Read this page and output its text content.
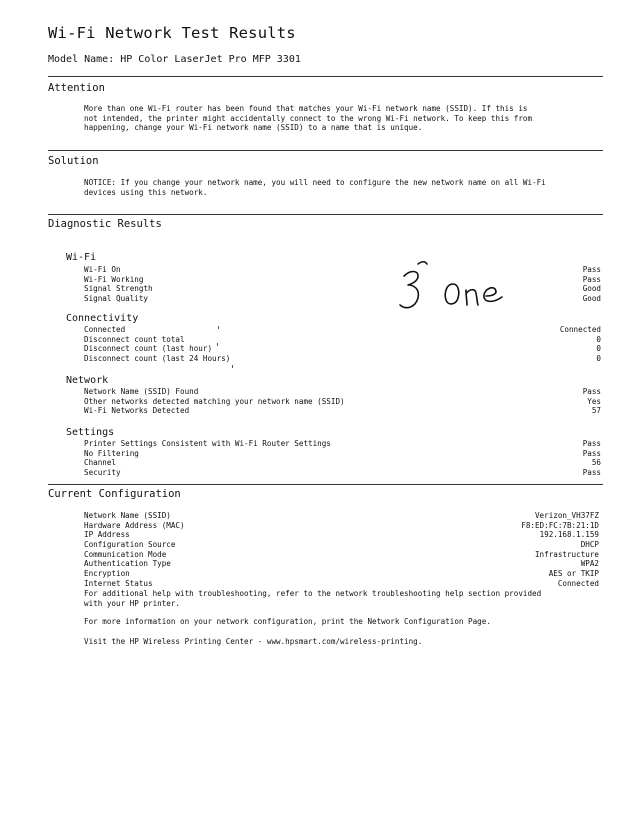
Wi-Fi Network Test Results
Model Name: HP Color LaserJet Pro MFP 3301
Attention
More than one Wi-Fi router has been found that matches your Wi-Fi network name (SSID). If this is not intended, the printer might accidentally connect to the wrong Wi-Fi network. To keep this from happening, change your Wi-Fi network name (SSID) to a name that is unique.
Solution
NOTICE: If you change your network name, you will need to configure the new network name on all Wi-Fi devices using this network.
Diagnostic Results
Wi-Fi
Wi-Fi On	Pass
Wi-Fi Working	Pass
Signal Strength	Good
Signal Quality	Good
Connectivity
Connected	Connected
Disconnect count total	0
Disconnect count (last hour)	0
Disconnect count (last 24 Hours)	0
Network
Network Name (SSID) Found	Pass
Other networks detected matching your network name (SSID)	Yes
Wi-Fi Networks Detected	57
Settings
Printer Settings Consistent with Wi-Fi Router Settings	Pass
No Filtering	Pass
Channel	56
Security	Pass
Current Configuration
Network Name (SSID)	Verizon_VH37FZ
Hardware Address (MAC)	F8:ED:FC:7B:21:1D
IP Address	192.168.1.159
Configuration Source	DHCP
Communication Mode	Infrastructure
Authentication Type	WPA2
Encryption	AES or TKIP
Internet Status	Connected
For additional help with troubleshooting, refer to the network troubleshooting help section provided with your HP printer.
For more information on your network configuration, print the Network Configuration Page.
Visit the HP Wireless Printing Center - www.hpsmart.com/wireless-printing.
